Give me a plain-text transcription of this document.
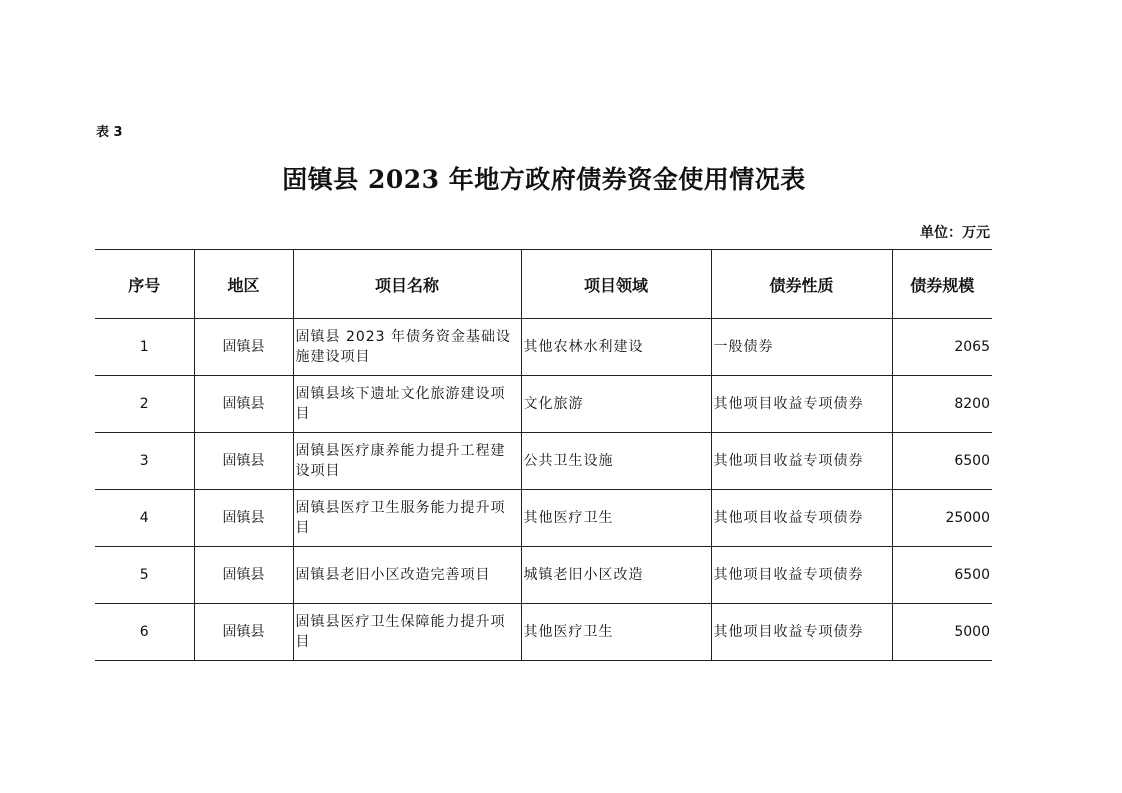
表 3
固镇县 2023 年地方政府债券资金使用情况表
单位：万元
序号	地区	项目名称	项目领域	债券性质	债券规模
1	固镇县	固镇县 2023 年债务资金基础设施建设项目	其他农林水利建设	一般债券	2065
2	固镇县	固镇县垓下遗址文化旅游建设项目	文化旅游	其他项目收益专项债券	8200
3	固镇县	固镇县医疗康养能力提升工程建设项目	公共卫生设施	其他项目收益专项债券	6500
4	固镇县	固镇县医疗卫生服务能力提升项目	其他医疗卫生	其他项目收益专项债券	25000
5	固镇县	固镇县老旧小区改造完善项目	城镇老旧小区改造	其他项目收益专项债券	6500
6	固镇县	固镇县医疗卫生保障能力提升项目	其他医疗卫生	其他项目收益专项债券	5000
